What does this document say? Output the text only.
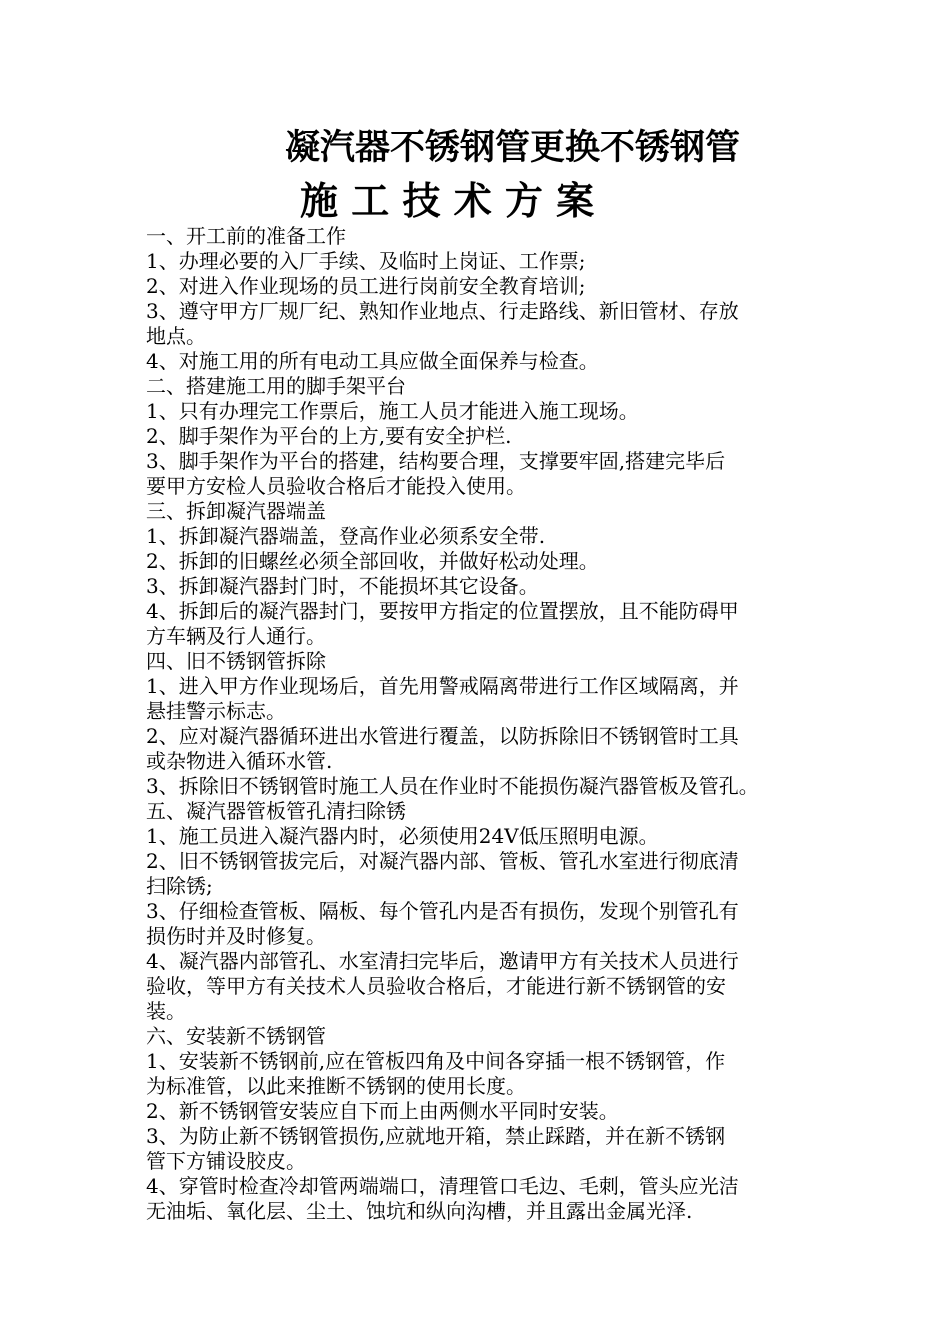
凝汽器不锈钢管更换不锈钢管
施 工 技 术 方 案
一、开工前的准备工作
1、办理必要的入厂手续、及临时上岗证、工作票;
2、对进入作业现场的员工进行岗前安全教育培训;
3、遵守甲方厂规厂纪、熟知作业地点、行走路线、新旧管材、存放
地点。
4、对施工用的所有电动工具应做全面保养与检查。
二、搭建施工用的脚手架平台
1、只有办理完工作票后，施工人员才能进入施工现场。
2、脚手架作为平台的上方,要有安全护栏.
3、脚手架作为平台的搭建，结构要合理，支撑要牢固,搭建完毕后
要甲方安检人员验收合格后才能投入使用。
三、拆卸凝汽器端盖
1、拆卸凝汽器端盖，登高作业必须系安全带.
2、拆卸的旧螺丝必须全部回收，并做好松动处理。
3、拆卸凝汽器封门时，不能损坏其它设备。
4、拆卸后的凝汽器封门，要按甲方指定的位置摆放，且不能防碍甲
方车辆及行人通行。
四、旧不锈钢管拆除
1、进入甲方作业现场后，首先用警戒隔离带进行工作区域隔离，并
悬挂警示标志。
2、应对凝汽器循环进出水管进行覆盖，以防拆除旧不锈钢管时工具
或杂物进入循环水管.
3、拆除旧不锈钢管时施工人员在作业时不能损伤凝汽器管板及管孔。
五、凝汽器管板管孔清扫除锈
1、施工员进入凝汽器内时，必须使用24V低压照明电源。
2、旧不锈钢管拔完后，对凝汽器内部、管板、管孔水室进行彻底清
扫除锈;
3、仔细检查管板、隔板、每个管孔内是否有损伤，发现个别管孔有
损伤时并及时修复。
4、凝汽器内部管孔、水室清扫完毕后，邀请甲方有关技术人员进行
验收，等甲方有关技术人员验收合格后，才能进行新不锈钢管的安
装。
六、安装新不锈钢管
1、安装新不锈钢前,应在管板四角及中间各穿插一根不锈钢管，作
为标准管，以此来推断不锈钢的使用长度。
2、新不锈钢管安装应自下而上由两侧水平同时安装。
3、为防止新不锈钢管损伤,应就地开箱，禁止踩踏，并在新不锈钢
管下方铺设胶皮。
4、穿管时检查冷却管两端端口，清理管口毛边、毛刺，管头应光洁
无油垢、氧化层、尘土、蚀坑和纵向沟槽，并且露出金属光泽.
